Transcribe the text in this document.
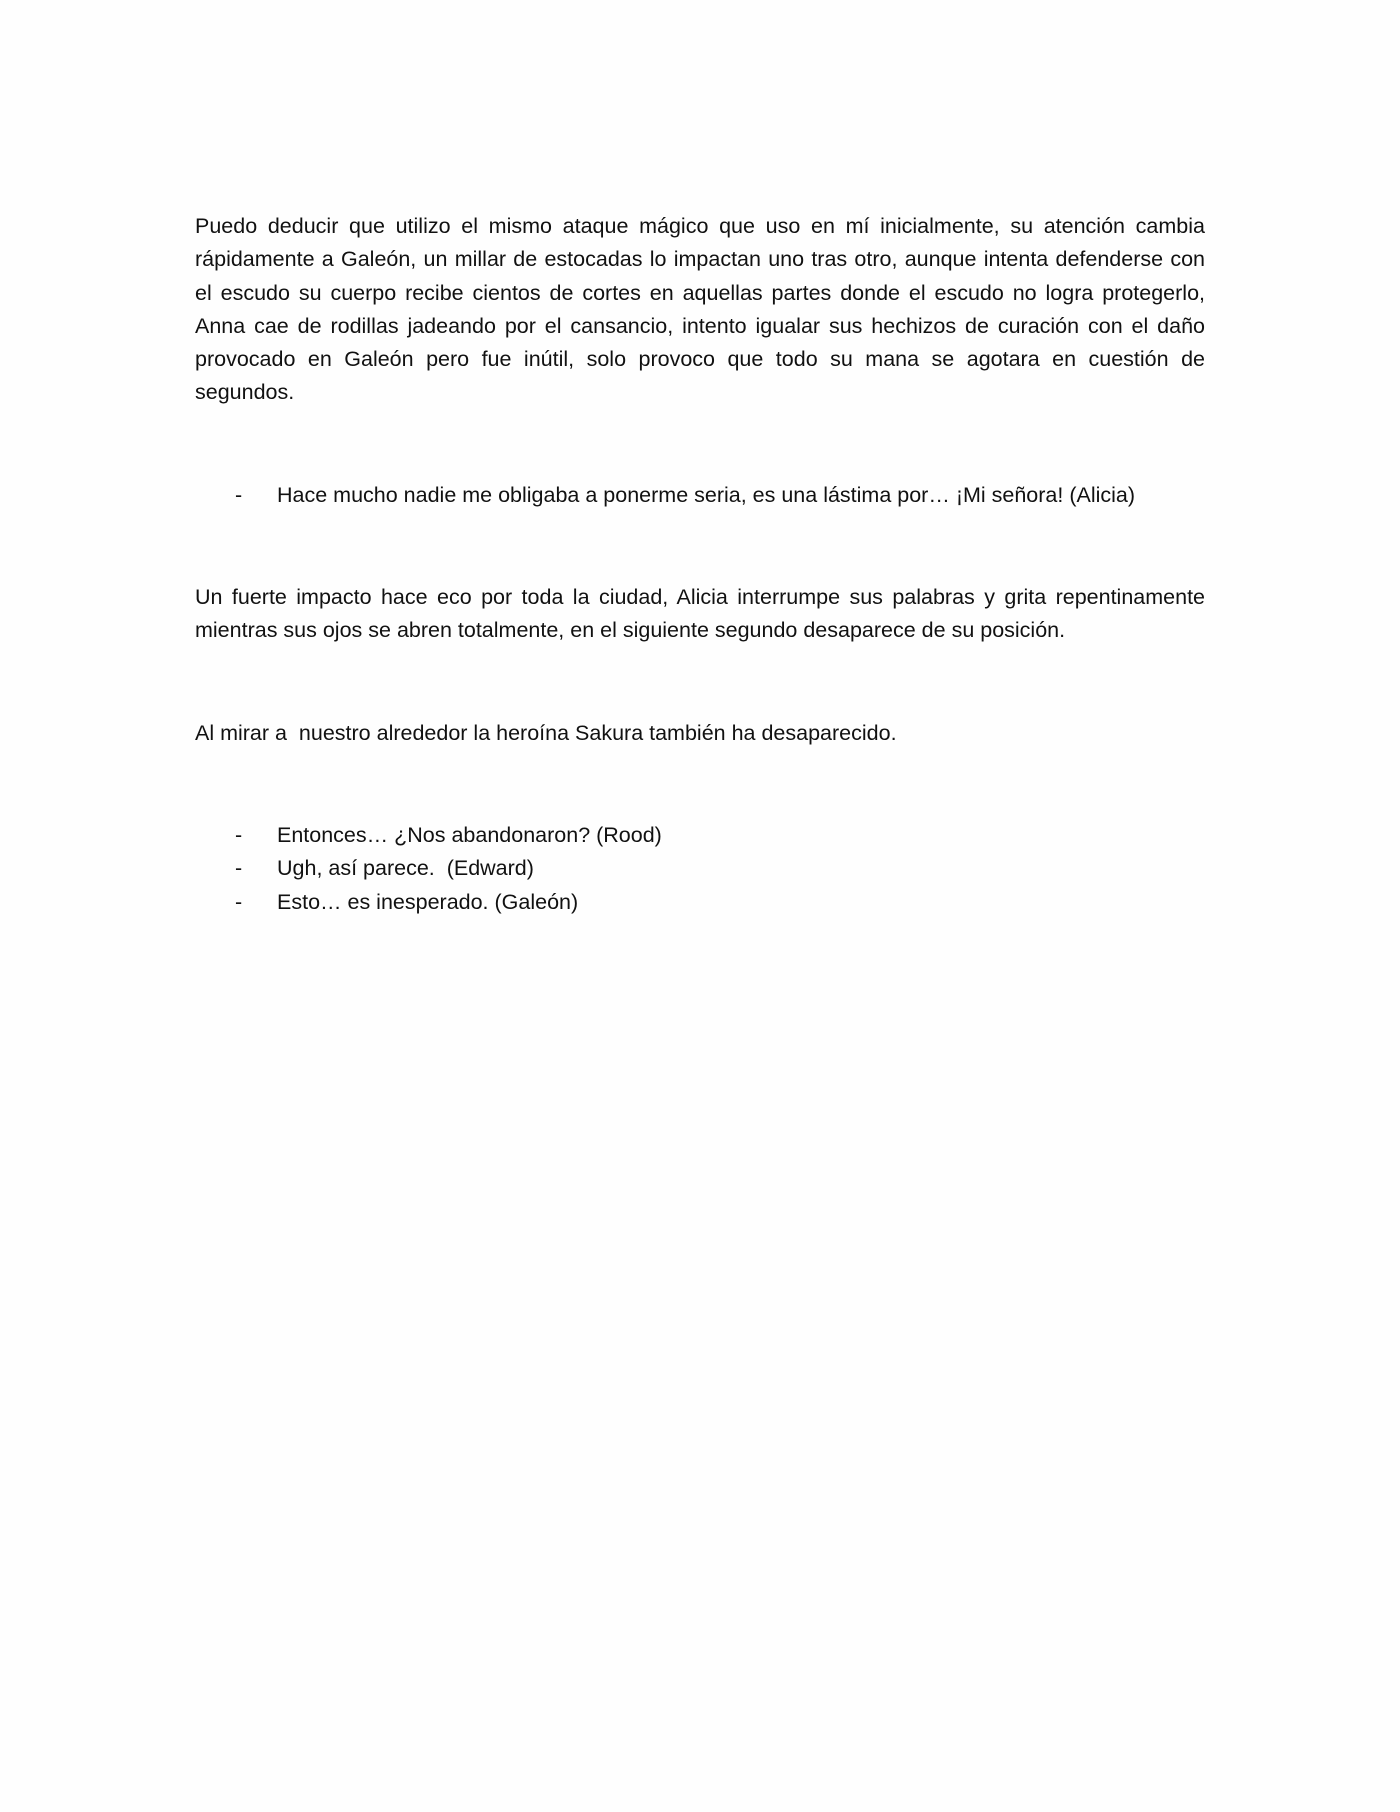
Puedo deducir que utilizo el mismo ataque mágico que uso en mí inicialmente, su atención cambia rápidamente a Galeón, un millar de estocadas lo impactan uno tras otro, aunque intenta defenderse con el escudo su cuerpo recibe cientos de cortes en aquellas partes donde el escudo no logra protegerlo, Anna cae de rodillas jadeando por el cansancio, intento igualar sus hechizos de curación con el daño provocado en Galeón pero fue inútil, solo provoco que todo su mana se agotara en cuestión de segundos.

- Hace mucho nadie me obligaba a ponerme seria, es una lástima por… ¡Mi señora! (Alicia)

Un fuerte impacto hace eco por toda la ciudad, Alicia interrumpe sus palabras y grita repentinamente mientras sus ojos se abren totalmente, en el siguiente segundo desaparece de su posición.

Al mirar a  nuestro alrededor la heroína Sakura también ha desaparecido.

- Entonces… ¿Nos abandonaron? (Rood)
- Ugh, así parece.  (Edward)
- Esto… es inesperado. (Galeón)
